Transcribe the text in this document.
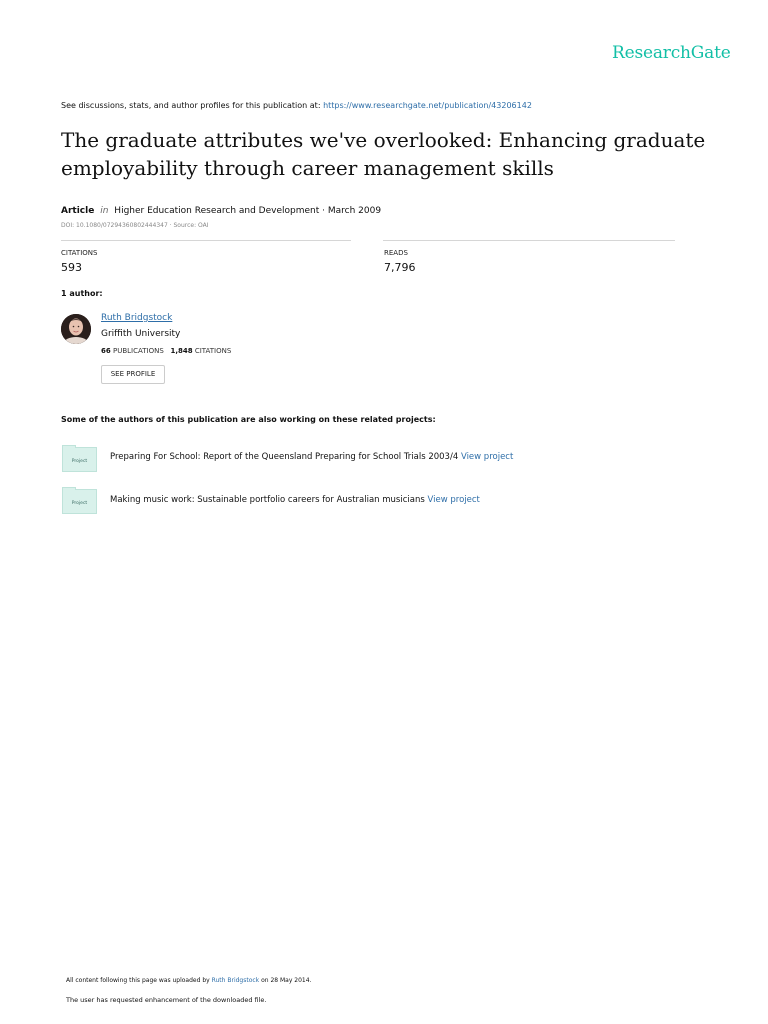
ResearchGate
See discussions, stats, and author profiles for this publication at: https://www.researchgate.net/publication/43206142
The graduate attributes we've overlooked: Enhancing graduate employability through career management skills
Article in Higher Education Research and Development · March 2009
DOI: 10.1080/07294360802444347 · Source: OAI
CITATIONS
593
READS
7,796
1 author:
Ruth Bridgstock
Griffith University
66 PUBLICATIONS 1,848 CITATIONS
SEE PROFILE
Some of the authors of this publication are also working on these related projects:
Project	Preparing For School: Report of the Queensland Preparing for School Trials 2003/4 View project
Project	Making music work: Sustainable portfolio careers for Australian musicians View project
All content following this page was uploaded by Ruth Bridgstock on 28 May 2014.
The user has requested enhancement of the downloaded file.
